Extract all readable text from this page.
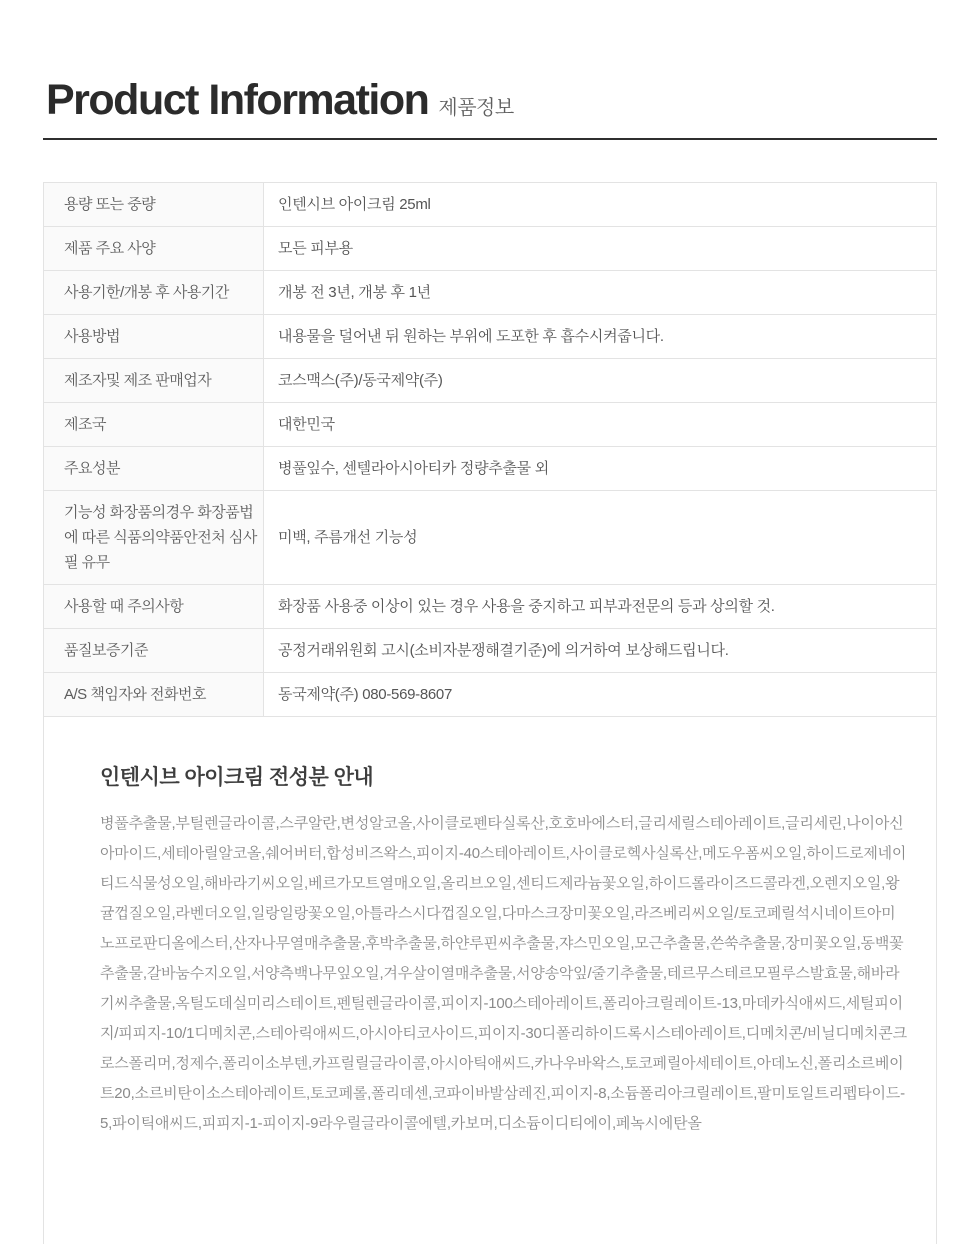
Product Information 제품정보
용량 또는 중량	인텐시브 아이크림 25ml
제품 주요 사양	모든 피부용
사용기한/개봉 후 사용기간	개봉 전 3년, 개봉 후 1년
사용방법	내용물을 덜어낸 뒤 원하는 부위에 도포한 후 흡수시켜줍니다.
제조자및 제조 판매업자	코스맥스(주)/동국제약(주)
제조국	대한민국
주요성분	병풀잎수, 센텔라아시아티카 정량추출물 외
기능성 화장품의경우 화장품법에 따른 식품의약품안전처 심사필 유무	미백, 주름개선 기능성
사용할 때 주의사항	화장품 사용중 이상이 있는 경우 사용을 중지하고 피부과전문의 등과 상의할 것.
품질보증기준	공정거래위원회 고시(소비자분쟁해결기준)에 의거하여 보상해드립니다.
A/S 책임자와 전화번호	동국제약(주) 080-569-8607
인텐시브 아이크림 전성분 안내

병풀추출물,부틸렌글라이콜,스쿠알란,변성알코올,사이클로펜타실록산,호호바에스터,글리세릴스테아레이트,글리세린,나이아신아마이드,세테아릴알코올,쉐어버터,합성비즈왁스,피이지-40스테아레이트,사이클로헥사실록산,메도우폼씨오일,하이드로제네이티드식물성오일,해바라기씨오일,베르가모트열매오일,올리브오일,센티드제라늄꽃오일,하이드롤라이즈드콜라겐,오렌지오일,왕귤껍질오일,라벤더오일,일랑일랑꽃오일,아틀라스시다껍질오일,다마스크장미꽃오일,라즈베리씨오일/토코페릴석시네이트아미노프로판디올에스터,산자나무열매추출물,후박추출물,하얀루핀씨추출물,쟈스민오일,모근추출물,쓴쑥추출물,장미꽃오일,동백꽃추출물,갈바눔수지오일,서양측백나무잎오일,겨우살이열매추출물,서양송악잎/줄기추출물,테르무스테르모필루스발효물,해바라기씨추출물,옥틸도데실미리스테이트,펜틸렌글라이콜,피이지-100스테아레이트,폴리아크릴레이트-13,마데카식애씨드,세틸피이지/피피지-10/1디메치콘,스테아릭애씨드,아시아티코사이드,피이지-30디폴리하이드록시스테아레이트,디메치콘/비닐디메치콘크로스폴리머,정제수,폴리이소부텐,카프릴릴글라이콜,아시아틱애씨드,카나우바왁스,토코페릴아세테이트,아데노신,폴리소르베이트20,소르비탄이소스테아레이트,토코페롤,폴리데센,코파이바발삼레진,피이지-8,소듐폴리아크릴레이트,팔미토일트리펩타이드-5,파이틱애씨드,피피지-1-피이지-9라우릴글라이콜에텔,카보머,디소듐이디티에이,페녹시에탄올
